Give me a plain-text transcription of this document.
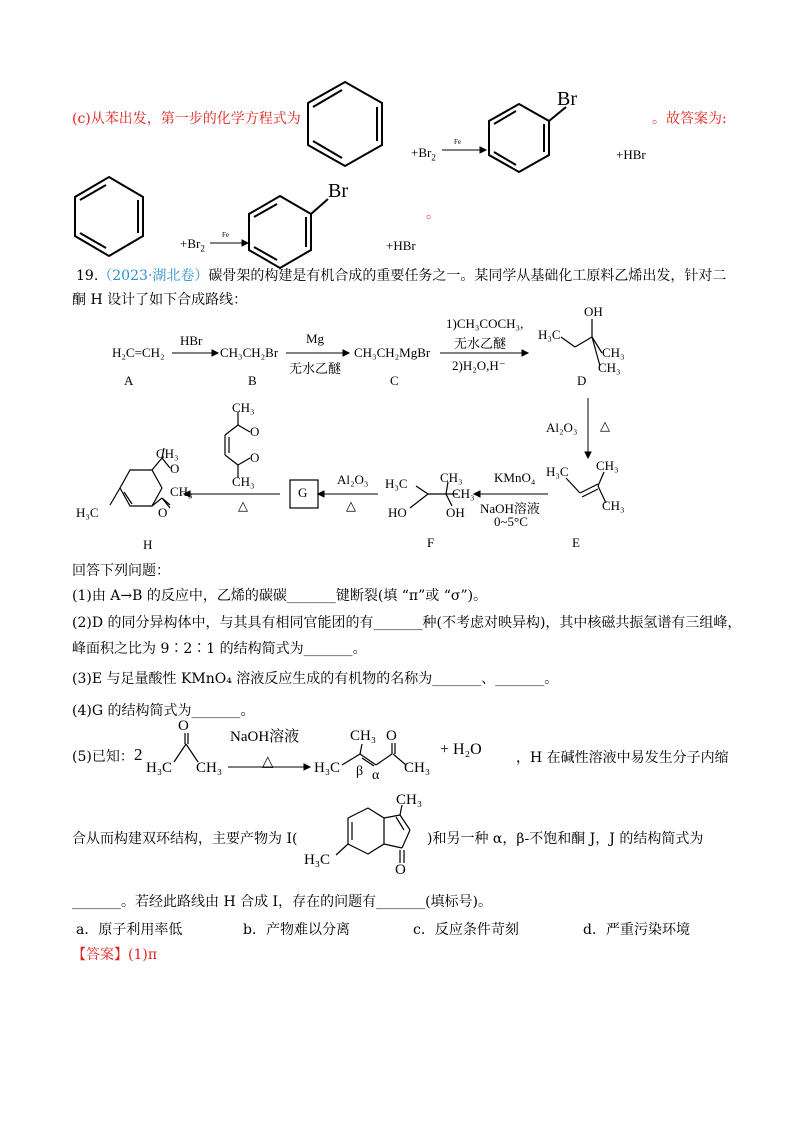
(c)从苯出发，第一步的化学方程式为	。故答案为:
。
Br
$+Br_2$
Fe
+HBr
Br
$+Br_2$
Fe
+HBr
19.（2023·湖北卷）碳骨架的构建是有机合成的重要任务之一。某同学从基础化工原料乙烯出发，针对二
酮 H 设计了如下合成路线：
H₂C=CH₂
HBr
CH₃CH₂Br
Mg
无水乙醚
CH₃CH₂MgBr
1)CH₃COCH₃,
无水乙醚
2)H₂O,H⁻
A	B	C	D
H₃C
OH
CH₃
CH₃
Al₂O₃ △
H₃C CH₃
CH₃
E
KMnO₄
NaOH溶液
0~5°C
H₃C CH₃
CH₃
HO	OH
F
Al₂O₃
△
G
CH₃
O
O
CH₃
△
CH₃
O
CH₃
O
H₃C
H
回答下列问题：
(1)由 A→B 的反应中，乙烯的碳碳_______键断裂(填 “π”或 “σ”)。
(2)D 的同分异构体中，与其具有相同官能团的有_______种(不考虑对映异构)，其中核磁共振氢谱有三组峰，
峰面积之比为 9∶2∶1 的结构简式为_______。
(3)E 与足量酸性 KMnO₄ 溶液反应生成的有机物的名称为_______、_______。
(4)G 的结构简式为_______。
(5)已知： 2
O
H₃C CH₃
NaOH溶液
△
CH₃ O
H₃C β α CH₃
+ H₂O ，H 在碱性溶液中易发生分子内缩
合从而构建双环结构，主要产物为 I(
CH₃
H₃C
O
)和另一种 α，β-不饱和酮 J，J 的结构简式为
_______。若经此路线由 H 合成 I，存在的问题有_______(填标号)。
a．原子利用率低	b．产物难以分离	c．反应条件苛刻	d．严重污染环境
【答案】(1)π
